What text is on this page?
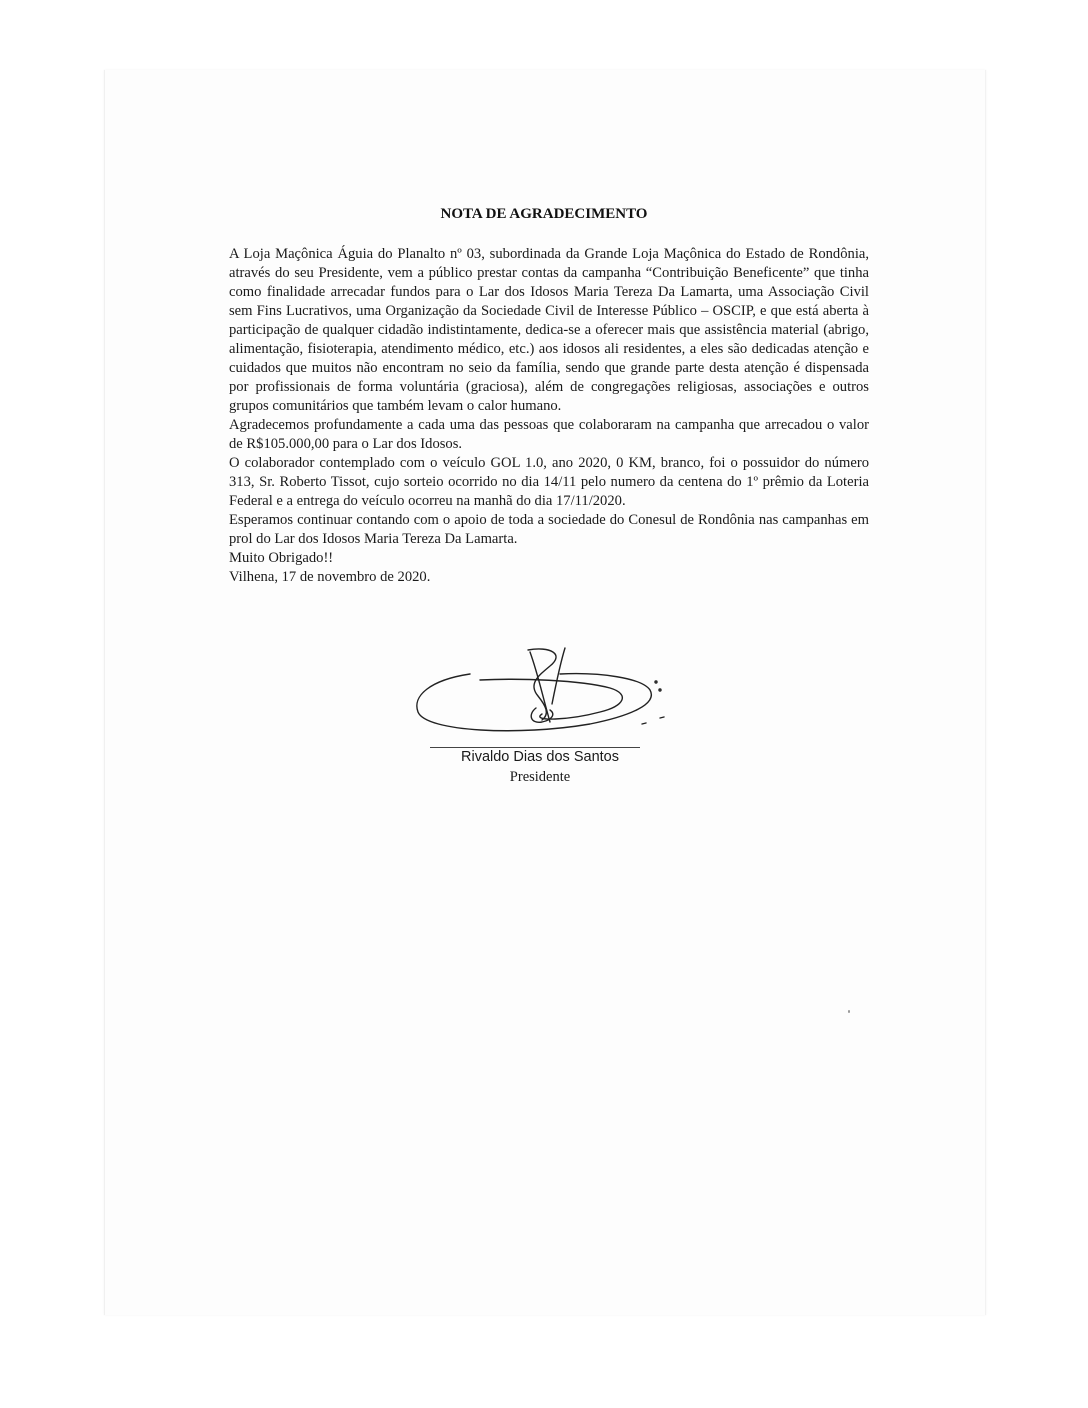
NOTA DE AGRADECIMENTO

A Loja Maçônica Águia do Planalto nº 03, subordinada da Grande Loja Maçônica do Estado de Rondônia, através do seu Presidente, vem a público prestar contas da campanha “Contribuição Beneficente” que tinha como finalidade arrecadar fundos para o Lar dos Idosos Maria Tereza Da Lamarta, uma Associação Civil sem Fins Lucrativos, uma Organização da Sociedade Civil de Interesse Público – OSCIP, e que está aberta à participação de qualquer cidadão indistintamente, dedica-se a oferecer mais que assistência material (abrigo, alimentação, fisioterapia, atendimento médico, etc.) aos idosos ali residentes, a eles são dedicadas atenção e cuidados que muitos não encontram no seio da família, sendo que grande parte desta atenção é dispensada por profissionais de forma voluntária (graciosa), além de congregações religiosas, associações e outros grupos comunitários que também levam o calor humano.

Agradecemos profundamente a cada uma das pessoas que colaboraram na campanha que arrecadou o valor de R$105.000,00 para o Lar dos Idosos.

O colaborador contemplado com o veículo GOL 1.0, ano 2020, 0 KM, branco, foi o possuidor do número 313, Sr. Roberto Tissot, cujo sorteio ocorrido no dia 14/11 pelo numero da centena do 1º prêmio da Loteria Federal e a entrega do veículo ocorreu na manhã do dia 17/11/2020.

Esperamos continuar contando com o apoio de toda a sociedade do Conesul de Rondônia nas campanhas em prol do Lar dos Idosos Maria Tereza Da Lamarta.

Muito Obrigado!!

Vilhena, 17 de novembro de 2020.

Rivaldo Dias dos Santos
Presidente
